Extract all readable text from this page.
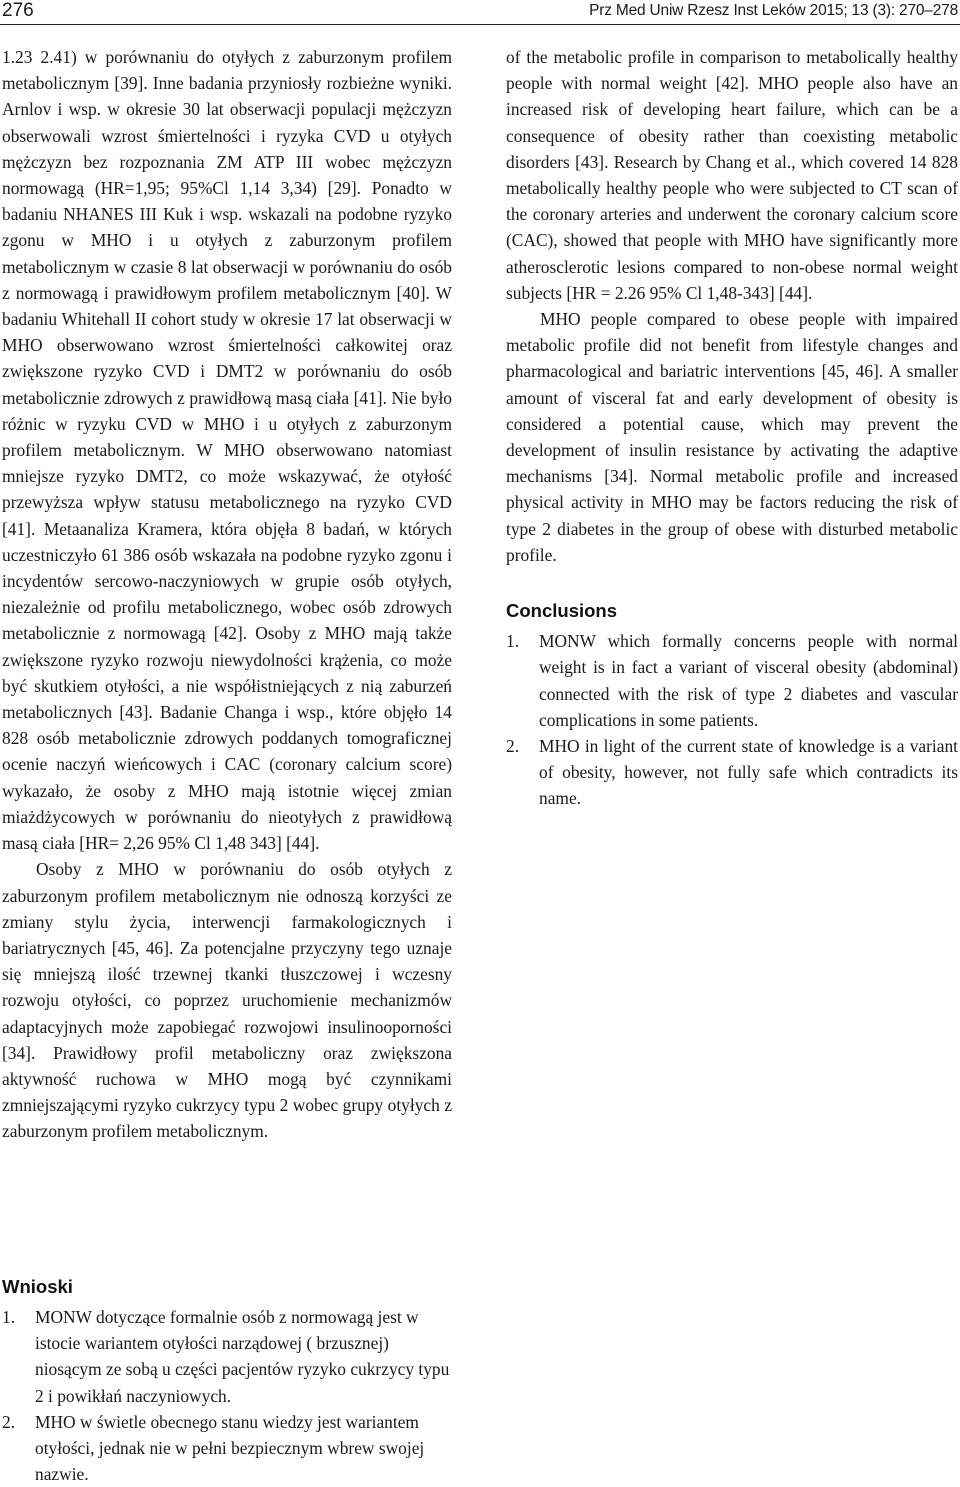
276	Prz Med Uniw Rzesz Inst Leków 2015; 13 (3): 270–278

1.23 2.41) w porównaniu do otyłych z zaburzonym profilem metabolicznym [39]. Inne badania przyniosły rozbieżne wyniki. Arnlov i wsp. w okresie 30 lat obserwacji populacji mężczyzn obserwowali wzrost śmiertelności i ryzyka CVD u otyłych mężczyzn bez rozpoznania ZM ATP III wobec mężczyzn normowagą (HR=1,95; 95%Cl 1,14 3,34) [29]. Ponadto w badaniu NHANES III Kuk i wsp. wskazali na podobne ryzyko zgonu w MHO i u otyłych z zaburzonym profilem metabolicznym w czasie 8 lat obserwacji w porównaniu do osób z normowagą i prawidłowym profilem metabolicznym [40]. W badaniu Whitehall II cohort study w okresie 17 lat obserwacji w MHO obserwowano wzrost śmiertelności całkowitej oraz zwiększone ryzyko CVD i DMT2 w porównaniu do osób metabolicznie zdrowych z prawidłową masą ciała [41]. Nie było różnic w ryzyku CVD w MHO i u otyłych z zaburzonym profilem metabolicznym. W MHO obserwowano natomiast mniejsze ryzyko DMT2, co może wskazywać, że otyłość przewyższa wpływ statusu metabolicznego na ryzyko CVD [41]. Metaanaliza Kramera, która objęła 8 badań, w których uczestniczyło 61 386 osób wskazała na podobne ryzyko zgonu i incydentów sercowo-naczyniowych w grupie osób otyłych, niezależnie od profilu metabolicznego, wobec osób zdrowych metabolicznie z normowagą [42]. Osoby z MHO mają także zwiększone ryzyko rozwoju niewydolności krążenia, co może być skutkiem otyłości, a nie współistniejących z nią zaburzeń metabolicznych [43]. Badanie Changa i wsp., które objęło 14 828 osób metabolicznie zdrowych poddanych tomograficznej ocenie naczyń wieńcowych i CAC (coronary calcium score) wykazało, że osoby z MHO mają istotnie więcej zmian miażdżycowych w porównaniu do nieotyłych z prawidłową masą ciała [HR= 2,26 95% Cl 1,48 343] [44].

Osoby z MHO w porównaniu do osób otyłych z zaburzonym profilem metabolicznym nie odnoszą korzyści ze zmiany stylu życia, interwencji farmakologicznych i bariatrycznych [45, 46]. Za potencjalne przyczyny tego uznaje się mniejszą ilość trzewnej tkanki tłuszczowej i wczesny rozwoju otyłości, co poprzez uruchomienie mechanizmów adaptacyjnych może zapobiegać rozwojowi insulinooporności [34]. Prawidłowy profil metaboliczny oraz zwiększona aktywność ruchowa w MHO mogą być czynnikami zmniejszającymi ryzyko cukrzycy typu 2 wobec grupy otyłych z zaburzonym profilem metabolicznym.

Wnioski
1. MONW dotyczące formalnie osób z normowagą jest w istocie wariantem otyłości narządowej ( brzusznej) niosącym ze sobą u części pacjentów ryzyko cukrzycy typu 2 i powikłań naczyniowych.
2. MHO w świetle obecnego stanu wiedzy jest wariantem otyłości, jednak nie w pełni bezpiecznym wbrew swojej nazwie.

of the metabolic profile in comparison to metabolically healthy people with normal weight [42]. MHO people also have an increased risk of developing heart failure, which can be a consequence of obesity rather than coexisting metabolic disorders [43]. Research by Chang et al., which covered 14 828 metabolically healthy people who were subjected to CT scan of the coronary arteries and underwent the coronary calcium score (CAC), showed that people with MHO have significantly more atherosclerotic lesions compared to non-obese normal weight subjects [HR = 2.26 95% Cl 1,48-343] [44].

MHO people compared to obese people with impaired metabolic profile did not benefit from lifestyle changes and pharmacological and bariatric interventions [45, 46]. A smaller amount of visceral fat and early development of obesity is considered a potential cause, which may prevent the development of insulin resistance by activating the adaptive mechanisms [34]. Normal metabolic profile and increased physical activity in MHO may be factors reducing the risk of type 2 diabetes in the group of obese with disturbed metabolic profile.

Conclusions
1. MONW which formally concerns people with normal weight is in fact a variant of visceral obesity (abdominal) connected with the risk of type 2 diabetes and vascular complications in some patients.
2. MHO in light of the current state of knowledge is a variant of obesity, however, not fully safe which contradicts its name.
